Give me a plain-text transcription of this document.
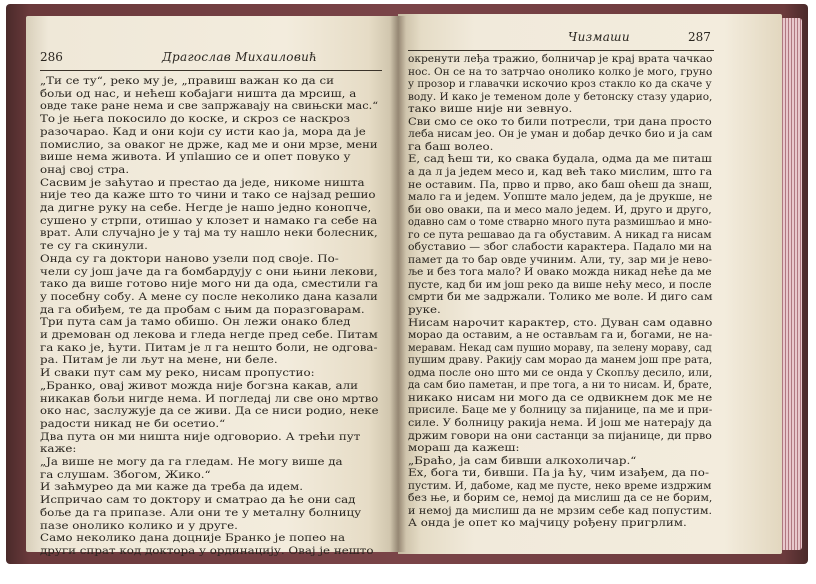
286	Драгослав Михаиловић
„Ти се ту“, реко му је, „правиш важан ко да си
бољи од нас, и нећеш кобајаги ништа да мрсиш, а
овде таке ране нема и све запржавају на свињски мас.“
То је њега покосило до коске, и скроз се наскроз
разочарао. Кад и они који су исти као ја, мора да је
помислио, за оваког не држе, кад ме и они мрзе, мени
више нема живота. И упlaшио се и опет повуко у
онај свој стра.
Сасвим је заћутао и престао да једе, никоме ништа
није тео да каже што то чини и тако се најзад решио
да дигне руку на себе. Негде је нашо једно конопче,
сушено у стрпи, отишао у клозет и намако га себе на
врат. Али случајно је у тај ма ту нашло неки болесник,
те су га скинули.
Онда су га доктори наново узели под своје. По-
чели су још јаче да га бомбардују с они њини лекови,
тако да више готово није мого ни да ода, сместили га
у посебну собу. А мене су после неколико дана казали
да га обиђем, те да пробам с њим да поразговарам.
Три пута сам ја тамо обишо. Он лежи онако блед
и дремован од лекова и гледа негде пред себе. Питам
га како је, ћути. Питам је л га нешто боли, не одгова-
ра. Питам је ли љут на мене, ни беле.
И сваки пут сам му реко, нисам пропустио:
„Бранко, овај живот можда није богзна какав, али
никакав бољи нигде нема. И погледај ли све оно мртво
око нас, заслужује да се живи. Да се ниси родио, неке
радости никад не би осетио.“
Два пута он ми ништа није одговорио. А трећи пут
каже:
„Ја више не могу да га гледам. Не могу више да
га слушам. Збогом, Жико.“
И заћмурео да ми каже да треба да идем.
Испричао сам то доктору и сматрао да ће они сад
боље да га припазе. Али они те у металну болницу
пазе онолико колико и у друге.
Само неколико дана доцније Бранко је попео на
други спрат код доктора у ординацију. Овај је нешто
Чизмаши	287
окренути леђа тражио, болничар је крај врата чачкао
нос. Он се на то затрчао онолико колко је мого, груно
у прозор и главачки искочио кроз стакло ко да скаче у
воду. И како је теменом доле у бетонску стазу ударио,
тако више није ни зевнуо.
Сви смо се око то били потресли, три дана просто
леба нисам јео. Он је уман и добар дечко био и ја сам
га баш волео.
Е, сад ћеш ти, ко свака будала, одма да ме питаш
а да л ја једем месо и, кад већ тако мислим, што га
не оставим. Па, прво и прво, ако баш оћеш да знаш,
мало га и једем. Уопште мало једем, да је друкше, не
би ово оваки, па и месо мало једем. И, друго и друго,
одавно сам о томе стварно много пута размишљао и мно-
го се пута решавао да га обуставим. А никад га нисам
обуставио — због слабости карактера. Падало ми на
памет да то бар овде учиним. Али, ту, зар ми је нево-
ље и без тога мало? И овако можда никад неће да ме
пусте, кад би им још реко да више нећу месо, и после
смрти би ме задржали. Толико ме воле. И дигo сам
руке.
Нисам нарочит карактер, сто. Дуван сам одавно
морао да оставим, а не остављам га и, богами, не на-
меравам. Некад сам пушио мораву, па зелену мораву, сад
пушим драву. Ракију сам морао да манем још пре рата,
одма после оно што ми се онда у Скопљу десило, или,
да сам био паметан, и пре тога, а ни то нисам. И, брате,
никако нисам ни мого да се одвикнем док ме не
присиле. Баце ме у болницу за пијанице, па ме и при-
силе. У болницу ракија нема. И још ме натерају да
држим говори на они састанци за пијанице, ди прво
мораш да кажеш:
„Браћо, ја сам бивши алкохоличар.“
Ех, бога ти, бивши. Па ја ћу, чим изађем, да по-
пустим. И, дабоме, кад ме пусте, неко време издржим
без ње, и борим се, немој да мислиш да се не борим,
и немој да мислиш да не мрзим себе кад попустим.
А онда је опет ко мајчицу рођену пригрлим.
